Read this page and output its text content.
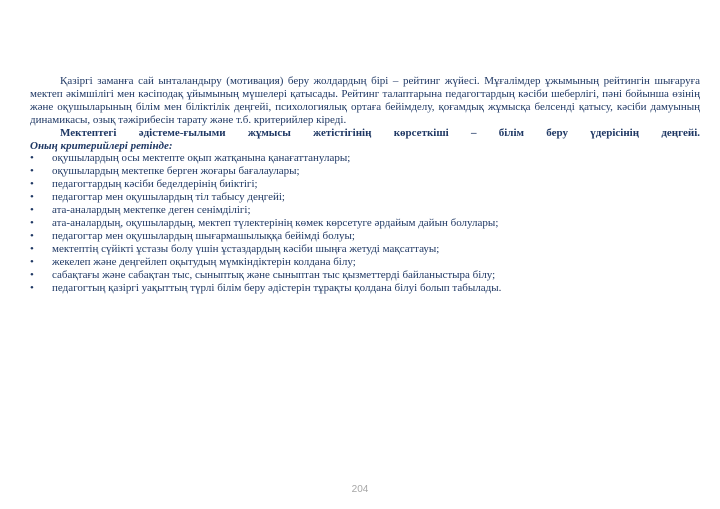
Қазіргі заманға сай ынталандыру (мотивация) беру жолдардың бірі – рейтинг жүйесі. Мұғалімдер ұжымының рейтингін шығаруға мектеп әкімшілігі мен кәсіподақ ұйымының мүшелері қатысады. Рейтинг талаптарына педагогтардың кәсіби шеберлігі, пәні бойынша өзінің және оқушыларының білім мен біліктілік деңгейі, психологиялық ортаға бейімделу, қоғамдық жұмысқа белсенді қатысу, кәсіби дамуының динамикасы, озық тәжірибесін тарату және т.б. критерийлер кіреді.

Мектептегі әдістеме-ғылыми жұмысы жетістігінің көрсеткіші – білім беру үдерісінің деңгейі.

Оның критерийлері ретінде:

•	оқушылардың осы мектепте оқып жатқанына қанағаттанулары;
•	оқушылардың мектепке берген жоғары бағалаулары;
•	педагогтардың кәсіби беделдерінің биіктігі;
•	педагогтар мен оқушылардың тіл табысу деңгейі;
•	ата-аналардың мектепке деген сенімділігі;
•	ата-аналардың, оқушылардың, мектеп түлектерінің көмек көрсетуге әрдайым дайын болулары;
•	педагогтар мен оқушылардың шығармашылыққа бейімді болуы;
•	мектептің сүйікті ұстазы болу үшін ұстаздардың кәсіби шыңға жетуді мақсаттауы;
•	жекелеп және деңгейлеп оқытудың мүмкіндіктерін колдана білу;
•	сабақтағы және сабақтан тыс, сыныптық және сыныптан тыс қызметтерді байланыстыра білу;
•	педагогтың қазіргі уақыттың түрлі білім беру әдістерін тұрақты қолдана білуі болып табылады.
204
